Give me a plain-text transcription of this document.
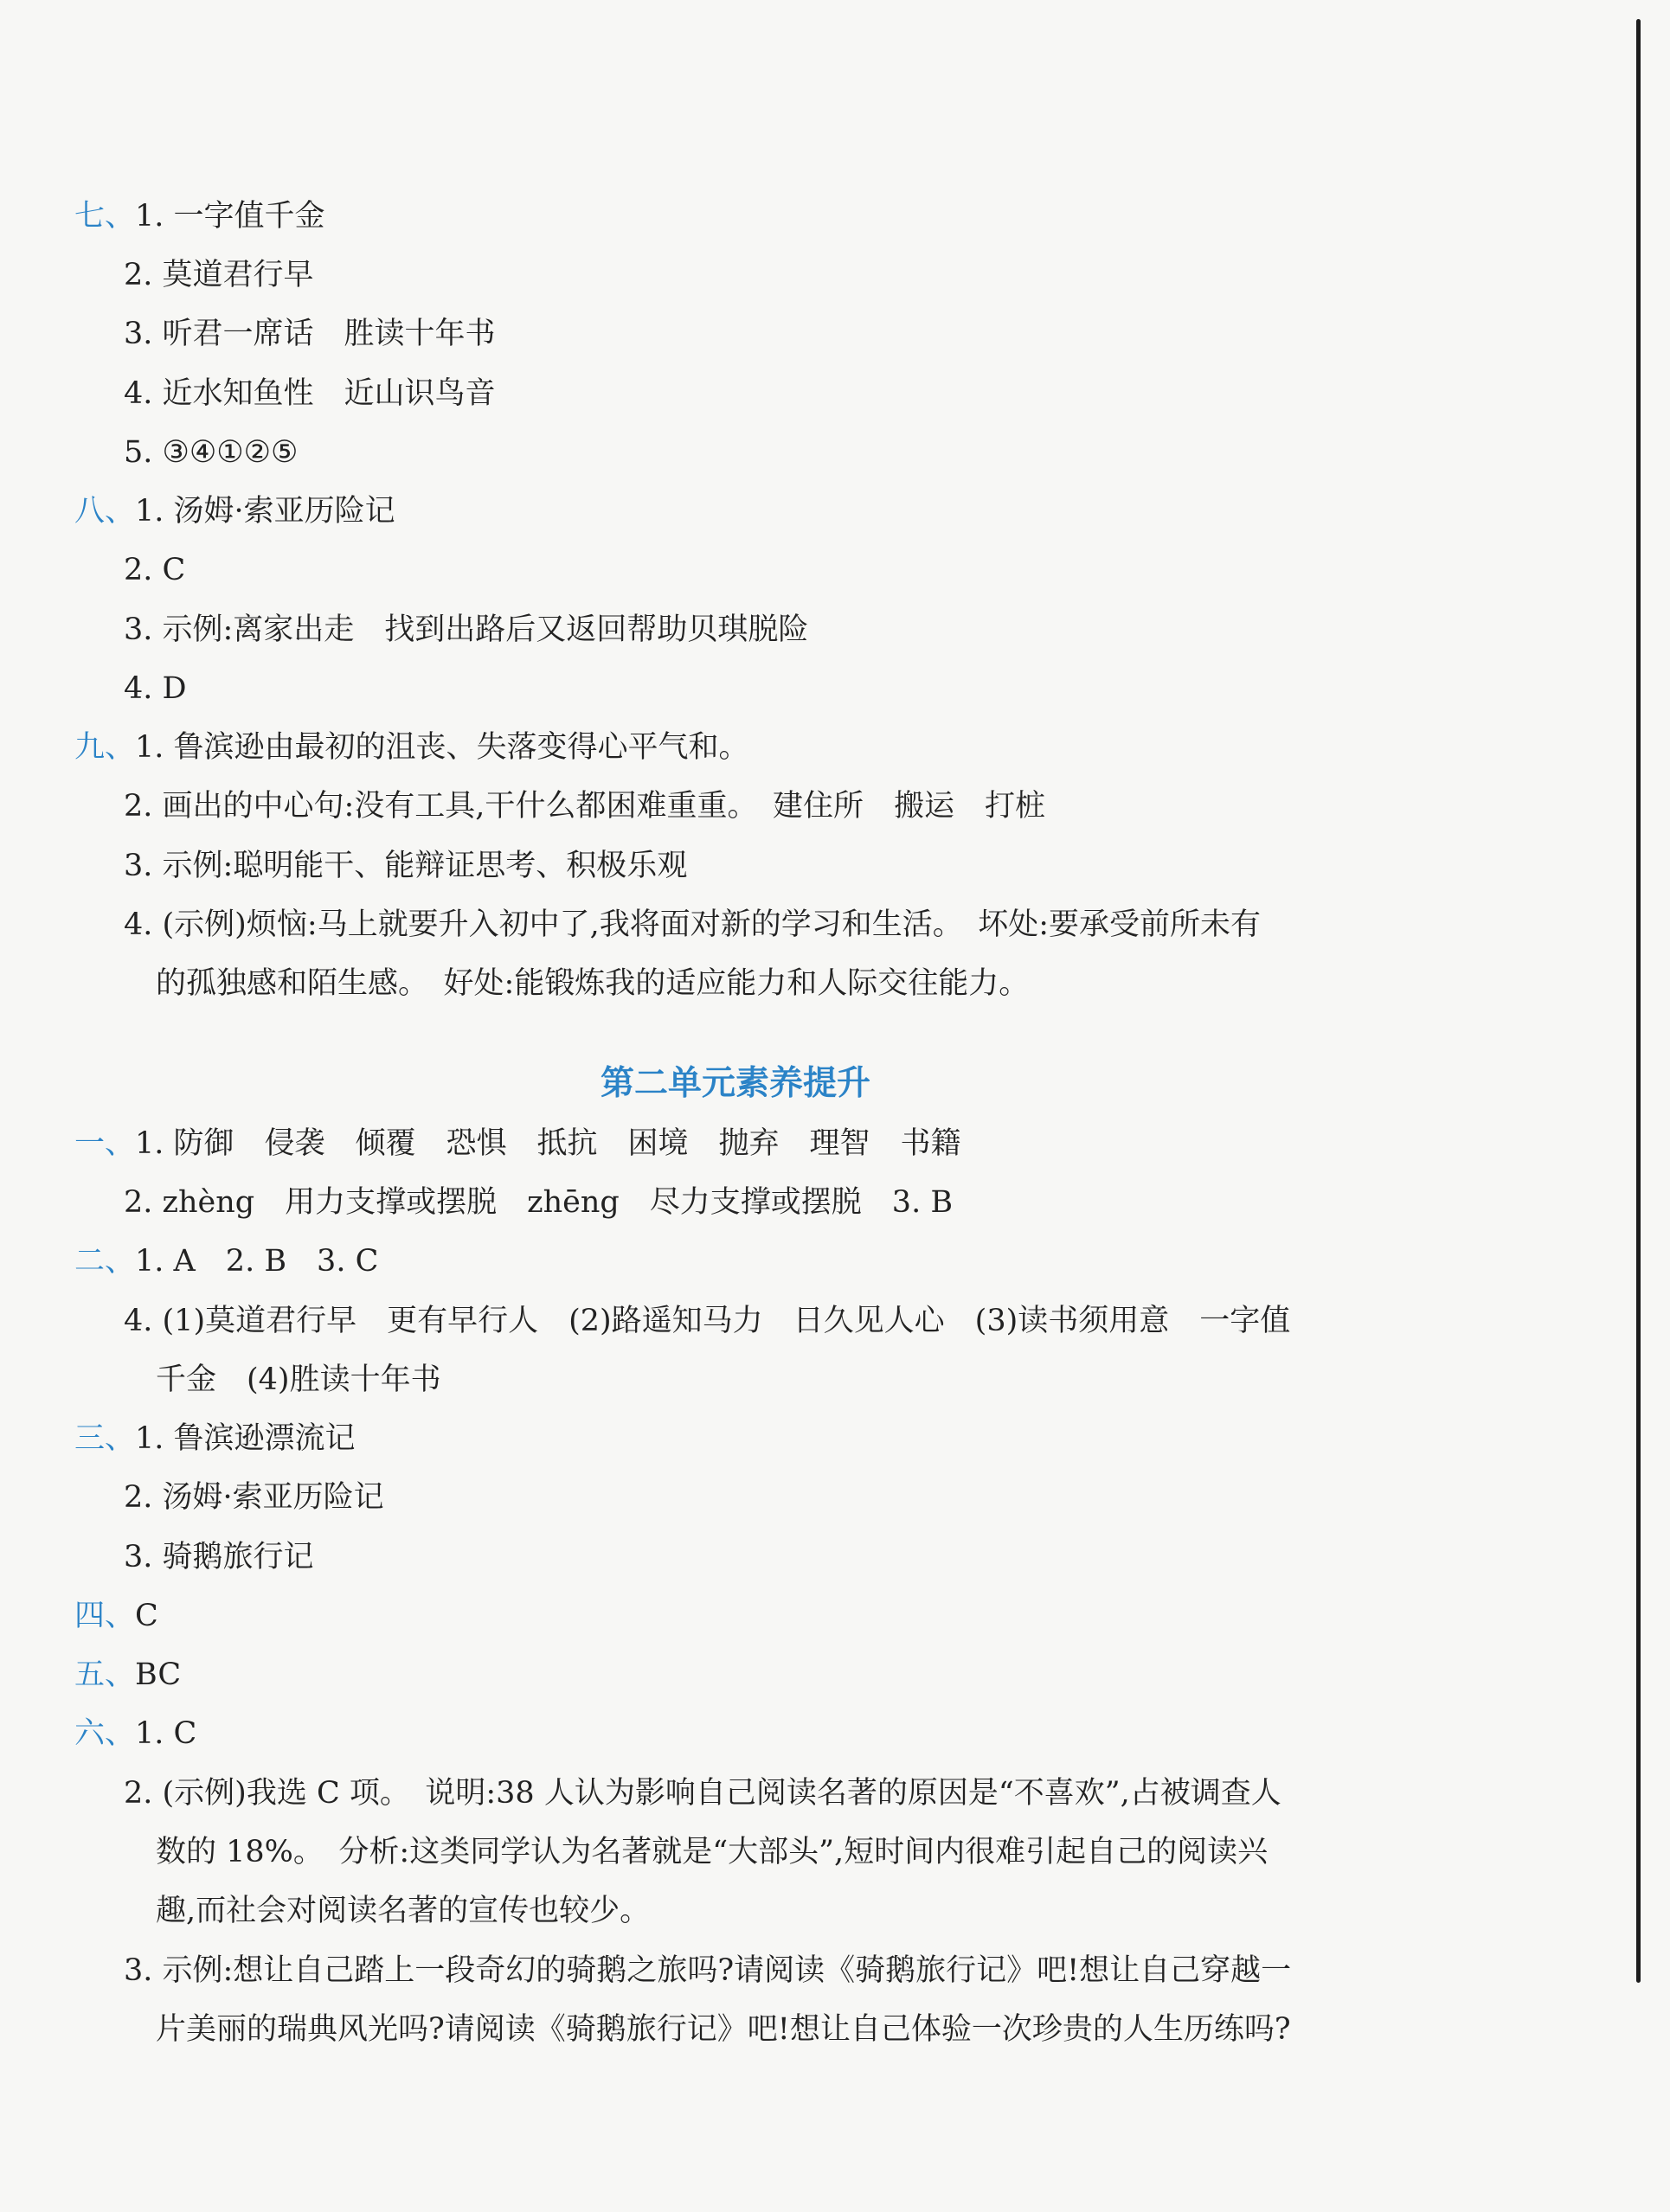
七、1. 一字值千金
2. 莫道君行早
3. 听君一席话　胜读十年书
4. 近水知鱼性　近山识鸟音
5. ③④①②⑤
八、1. 汤姆·索亚历险记
2. C
3. 示例:离家出走　找到出路后又返回帮助贝琪脱险
4. D
九、1. 鲁滨逊由最初的沮丧、失落变得心平气和。
2. 画出的中心句:没有工具,干什么都困难重重。　建住所　搬运　打桩
3. 示例:聪明能干、能辩证思考、积极乐观
4. (示例)烦恼:马上就要升入初中了,我将面对新的学习和生活。　坏处:要承受前所未有
的孤独感和陌生感。　好处:能锻炼我的适应能力和人际交往能力。
第二单元素养提升
一、1. 防御　侵袭　倾覆　恐惧　抵抗　困境　抛弃　理智　书籍
2. zhèng　用力支撑或摆脱　zhēng　尽力支撑或摆脱　3. B
二、1. A　2. B　3. C
4. (1)莫道君行早　更有早行人　(2)路遥知马力　日久见人心　(3)读书须用意　一字值
千金　(4)胜读十年书
三、1. 鲁滨逊漂流记
2. 汤姆·索亚历险记
3. 骑鹅旅行记
四、C
五、BC
六、1. C
2. (示例)我选 C 项。　说明:38 人认为影响自己阅读名著的原因是“不喜欢”,占被调查人
数的 18%。　分析:这类同学认为名著就是“大部头”,短时间内很难引起自己的阅读兴
趣,而社会对阅读名著的宣传也较少。
3. 示例:想让自己踏上一段奇幻的骑鹅之旅吗?请阅读《骑鹅旅行记》吧!想让自己穿越一
片美丽的瑞典风光吗?请阅读《骑鹅旅行记》吧!想让自己体验一次珍贵的人生历练吗?
